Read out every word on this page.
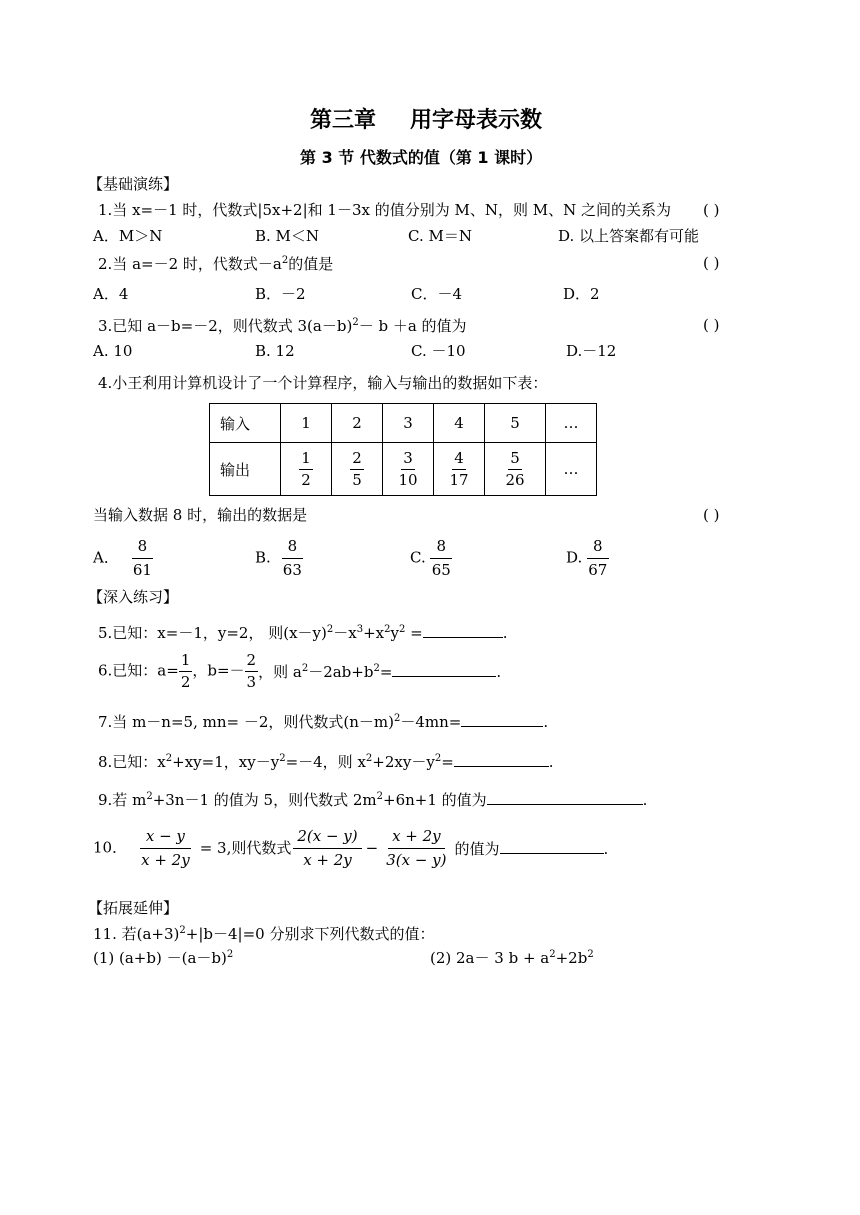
第三章 用字母表示数
第 3 节 代数式的值（第 1 课时）
【基础演练】
1.当 x=－1 时，代数式|5x+2|和 1－3x 的值分别为 M、N，则 M、N 之间的关系为 ( )
A．M＞N	B. M＜N	C. M＝N	D. 以上答案都有可能
2.当 a=－2 时，代数式$-a^2$的值是	( )
A．4	B．－2	C．－4	D．2
3.已知 a－b=－2，则代数式 $3(a-b)^2- b +a$ 的值为	( )
A. 10	B. 12	C. －10	D.－12
4.小王利用计算机设计了一个计算程序，输入与输出的数据如下表：
输入	1	2	3	4	5	…
输出	$\frac{1}{2}$	$\frac{2}{5}$	$\frac{3}{10}$	$\frac{4}{17}$	$\frac{5}{26}$	…
当输入数据 8 时，输出的数据是	( )
A． $\frac{8}{61}$	B. $\frac{8}{63}$	C. $\frac{8}{65}$	D. $\frac{8}{67}$
【深入练习】
5.已知：x=－1，y=2， 则$(x-y)^2-x^3+x^2y^2$ =	.
6.已知：$a= \frac{1}{2}$ ，$b=- \frac{2}{3}$ ，则 $a^2-2ab+b^2=$	.
7.当 m－n=5, mn= －2，则代数式$(n-m)^2-4mn=$	.
8.已知：$x^2+xy=1$，$xy-y^2=-4$，则 $x^2+2xy-y^2=$	.
9.若 $m^2+3n-1$ 的值为 5，则代数式 $2m^2+6n+1$ 的值为	.
10． $\frac{x - y}{x + 2y} = 3$,则代数式 $\frac{2(x - y)}{x + 2y} - \frac{x + 2y}{3(x - y)}$ 的值为	.
【拓展延伸】
11. 若$(a+3)^2+|b-4|=0$ 分别求下列代数式的值：
(1) $(a+b) -(a-b)^2$	(2) 2a－ 3 $b + a^2+2b^2$
